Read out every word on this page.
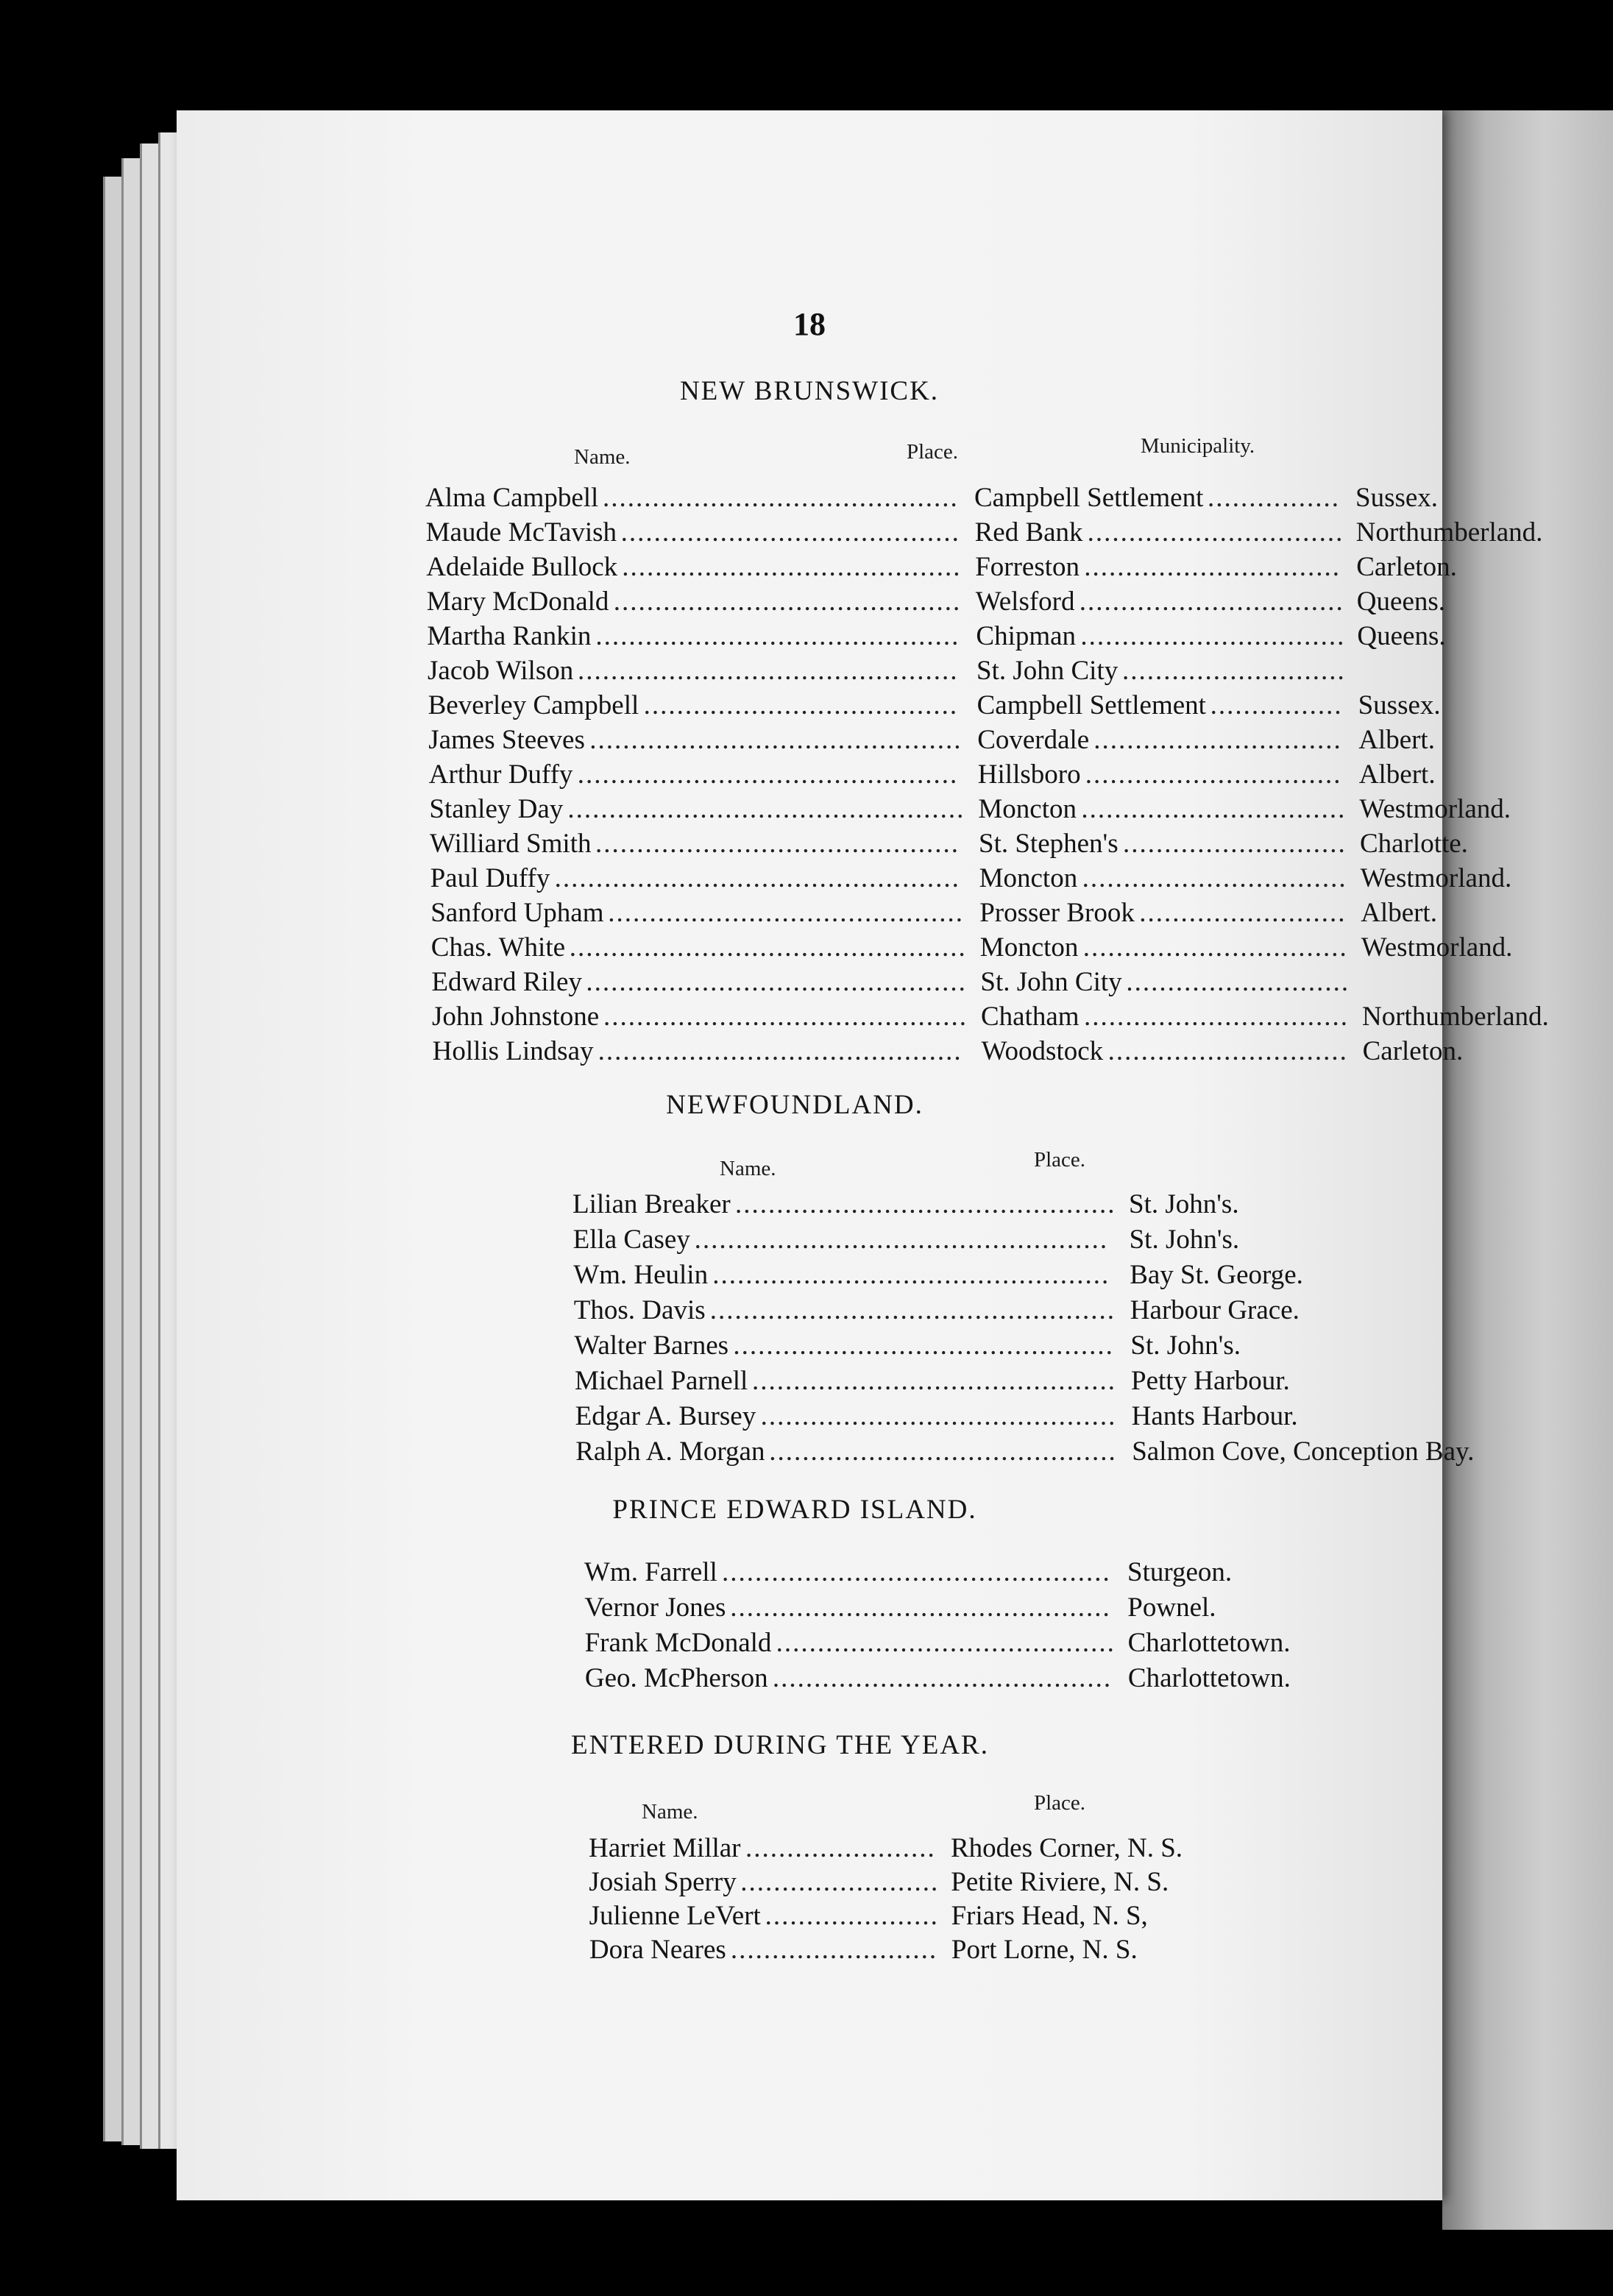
18
NEW BRUNSWICK.
Name.	Place.	Municipality.
Alma Campbell ........................................... Campbell Settlement	Sussex.
................
Maude McTavish ......................................... Red Bank	Northumberland.
...............................
Adelaide Bullock ......................................... Forreston	Carleton.
...............................
Mary McDonald .......................................... Welsford	Queens.
................................
Martha Rankin ............................................ Chipman	Queens.
................................
Jacob Wilson .............................................. St. John City ...........................
Beverley Campbell ...................................... Campbell Settlement	Sussex.
................
James Steeves ............................................. Coverdale	Albert.
..............................
Arthur Duffy .............................................. Hillsboro	Albert.
...............................
Stanley Day ................................................ Moncton	Westmorland.
................................
Williard Smith ............................................ St. Stephen's	Charlotte.
...........................
Paul Duffy ................................................. Moncton	Westmorland.
................................
Sanford Upham ........................................... Prosser Brook	Albert.
.........................
Chas. White ................................................ Moncton	Westmorland.
................................
Edward Riley .............................................. St. John City ...........................
John Johnstone ............................................ Chatham	Northumberland.
................................
Hollis Lindsay ............................................ Woodstock	Carleton.
.............................
NEWFOUNDLAND.
Name.	Place.
Lilian Breaker .............................................. St. John's.
Ella Casey .................................................. St. John's.
Wm. Heulin ................................................ Bay St. George.
Thos. Davis ................................................. Harbour Grace.
Walter Barnes .............................................. St. John's.
Michael Parnell ............................................ Petty Harbour.
Edgar A. Bursey ........................................... Hants Harbour.
Ralph A. Morgan .......................................... Salmon Cove, Conception Bay.
PRINCE EDWARD ISLAND.
Wm. Farrell ............................................... Sturgeon.
Vernor Jones .............................................. Pownel.
Frank McDonald ......................................... Charlottetown.
Geo. McPherson ......................................... Charlottetown.
ENTERED DURING THE YEAR.
Name.	Place.
Harriet Millar ....................... Rhodes Corner, N. S.
Josiah Sperry ........................ Petite Riviere, N. S.
Julienne LeVert ..................... Friars Head, N. S,
Dora Neares ......................... Port Lorne, N. S.
